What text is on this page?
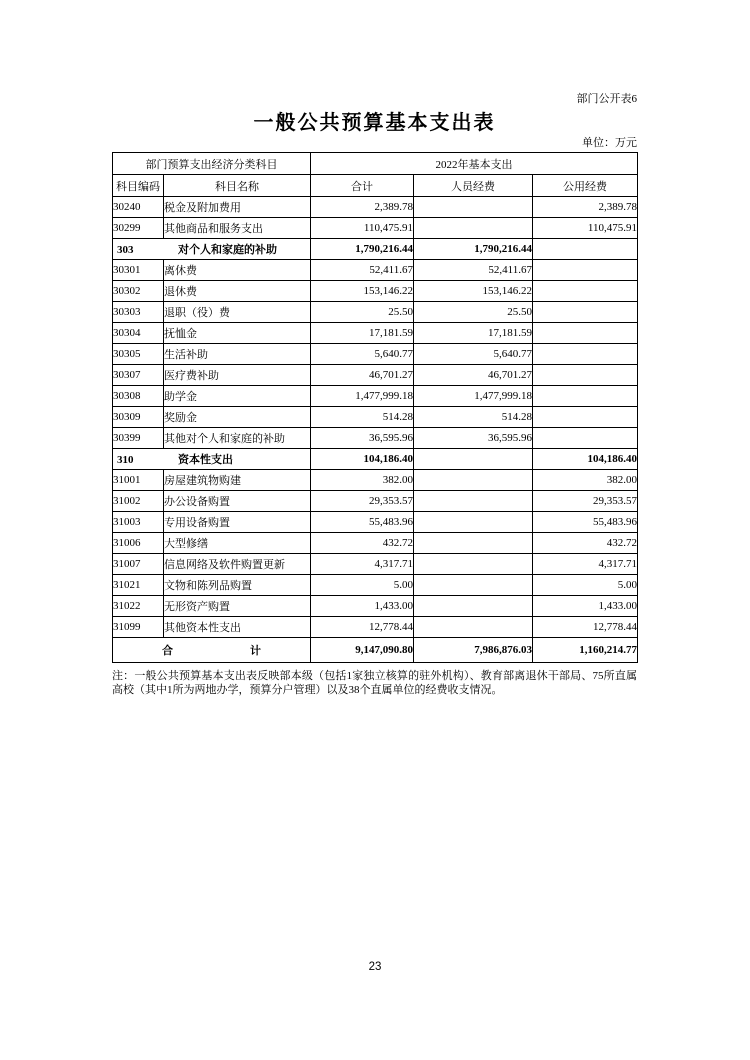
部门公开表6
一般公共预算基本支出表
单位：万元
部门预算支出经济分类科目		2022年基本支出		
科目编码	科目名称	合计	人员经费	公用经费
30240	税金及附加费用	2,389.78		2,389.78
30299	其他商品和服务支出	110,475.91		110,475.91
303 对个人和家庭的补助		1,790,216.44	1,790,216.44	
30301	离休费	52,411.67	52,411.67	
30302	退休费	153,146.22	153,146.22	
30303	退职（役）费	25.50	25.50	
30304	抚恤金	17,181.59	17,181.59	
30305	生活补助	5,640.77	5,640.77	
30307	医疗费补助	46,701.27	46,701.27	
30308	助学金	1,477,999.18	1,477,999.18	
30309	奖励金	514.28	514.28	
30399	其他对个人和家庭的补助	36,595.96	36,595.96	
310 资本性支出		104,186.40		104,186.40
31001	房屋建筑物购建	382.00		382.00
31002	办公设备购置	29,353.57		29,353.57
31003	专用设备购置	55,483.96		55,483.96
31006	大型修缮	432.72		432.72
31007	信息网络及软件购置更新	4,317.71		4,317.71
31021	文物和陈列品购置	5.00		5.00
31022	无形资产购置	1,433.00		1,433.00
31099	其他资本性支出	12,778.44		12,778.44
合　　　　　　　计		9,147,090.80	7,986,876.03	1,160,214.77

注：一般公共预算基本支出表反映部本级（包括1家独立核算的驻外机构）、教育部离退休干部局、75所直属高校（其中1所为两地办学，预算分户管理）以及38个直属单位的经费收支情况。

23
